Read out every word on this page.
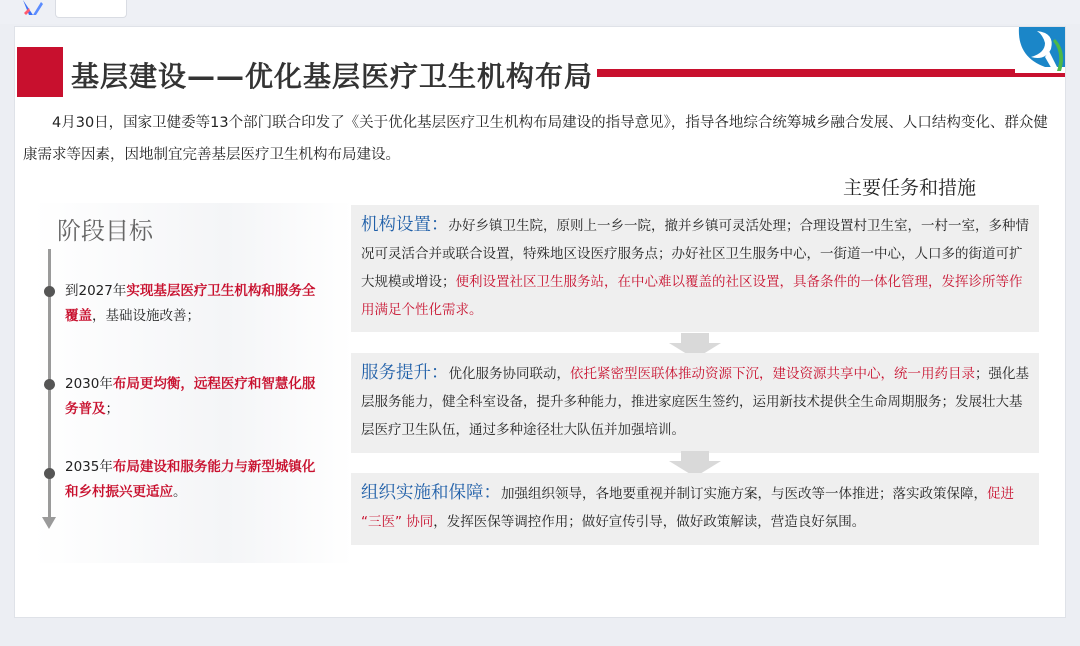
基层建设——优化基层医疗卫生机构布局
4月30日，国家卫健委等13个部门联合印发了《关于优化基层医疗卫生机构布局建设的指导意见》，指导各地综合统筹城乡融合发展、人口结构变化、群众健康需求等因素，因地制宜完善基层医疗卫生机构布局建设。
主要任务和措施
阶段目标
到2027年实现基层医疗卫生机构和服务全覆盖，基础设施改善；
2030年布局更均衡，远程医疗和智慧化服务普及；
2035年布局建设和服务能力与新型城镇化和乡村振兴更适应。
机构设置：办好乡镇卫生院，原则上一乡一院，撤并乡镇可灵活处理；合理设置村卫生室，一村一室，多种情况可灵活合并或联合设置，特殊地区设医疗服务点；办好社区卫生服务中心，一街道一中心，人口多的街道可扩大规模或增设；便利设置社区卫生服务站，在中心难以覆盖的社区设置，具备条件的一体化管理，发挥诊所等作用满足个性化需求。
服务提升：优化服务协同联动，依托紧密型医联体推动资源下沉，建设资源共享中心，统一用药目录；强化基层服务能力，健全科室设备，提升多种能力，推进家庭医生签约，运用新技术提供全生命周期服务；发展壮大基层医疗卫生队伍，通过多种途径壮大队伍并加强培训。
组织实施和保障：加强组织领导，各地要重视并制订实施方案，与医改等一体推进；落实政策保障，促进 “三医” 协同，发挥医保等调控作用；做好宣传引导，做好政策解读，营造良好氛围。
